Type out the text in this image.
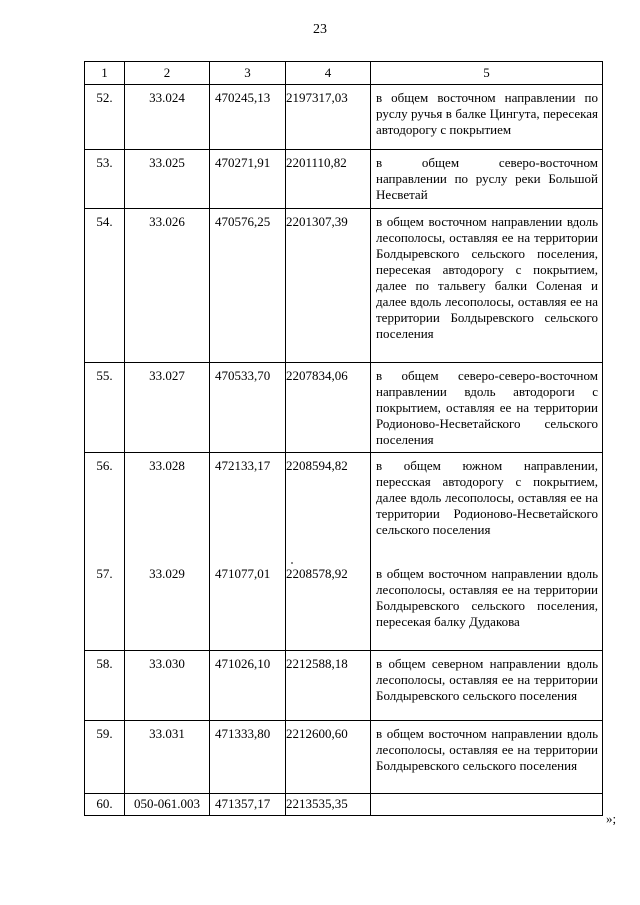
23
1	2	3	4	5
52.	33.024	470245,13	2197317,03	в общем восточном направлении по руслу ручья в балке Цингута, пересекая автодорогу с покрытием
53.	33.025	470271,91	2201110,82	в общем северо-восточном направлении по руслу реки Большой Несветай
54.	33.026	470576,25	2201307,39	в общем восточном направлении вдоль лесополосы, оставляя ее на территории Болдыревского сельского поселения, пересекая автодорогу с покрытием, далее по тальвегу балки Соленая и далее вдоль лесополосы, оставляя ее на территории Болдыревского сельского поселения
55.	33.027	470533,70	2207834,06	в общем северо-северо-восточном направлении вдоль автодороги с покрытием, оставляя ее на территории Родионово-Несветайского сельского поселения
56.	33.028	472133,17	2208594,82	в общем южном направлении, пересская автодорогу с покрытием, далее вдоль лесополосы, оставляя ее на территории Родионово-Несветайского сельского поселения
57.	33.029	471077,01	2208578,92	в общем восточном направлении вдоль лесополосы, оставляя ее на территории Болдыревского сельского поселения, пересекая балку Дудакова
58.	33.030	471026,10	2212588,18	в общем северном направлении вдоль лесополосы, оставляя ее на территории Болдыревского сельского поселения
59.	33.031	471333,80	2212600,60	в общем восточном направлении вдоль лесополосы, оставляя ее на территории Болдыревского сельского поселения
60.	050-061.003	471357,17	2213535,35	
»;
